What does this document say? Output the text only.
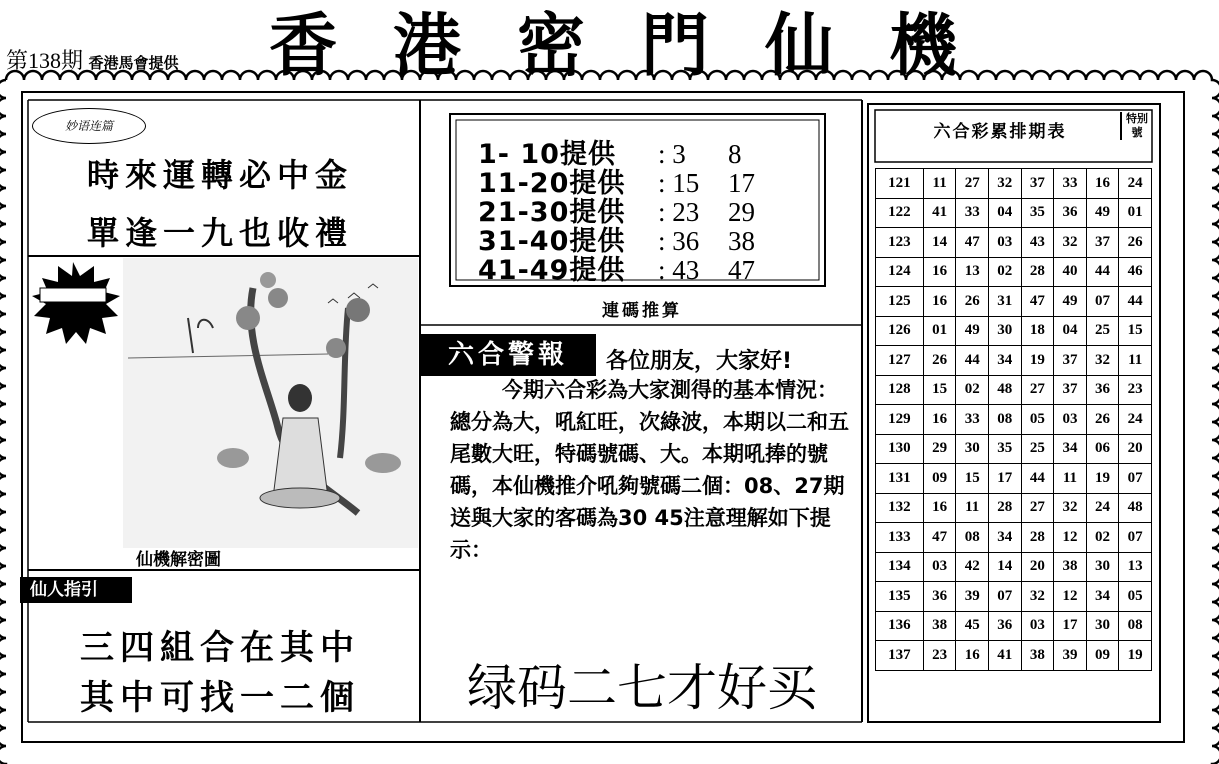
第138期 香港馬會提供	香 港 密 門 仙 機
妙语连篇
時來運轉必中金
單逢一九也收禮
仙機解密圖
仙人指引
三四組合在其中
其中可找一二個
1- 10提供 : 3 8
11-20提供 : 15 17
21-30提供 : 23 29
31-40提供 : 36 38
41-49提供 : 43 47
連碼推算
六合警報	各位朋友，大家好!
今期六合彩為大家測得的基本情況：總分為大，吼紅旺，次綠波，本期以二和五尾數大旺，特碼號碼、大。本期吼捧的號碼，本仙機推介吼夠號碼二個：08、27期送與大家的客碼為30 45注意理解如下提示：
绿码二七才好买
六合彩累排期表
特别號
121	11	27	32	37	33	16	24
122	41	33	04	35	36	49	01
123	14	47	03	43	32	37	26
124	16	13	02	28	40	44	46
125	16	26	31	47	49	07	44
126	01	49	30	18	04	25	15
127	26	44	34	19	37	32	11
128	15	02	48	27	37	36	23
129	16	33	08	05	03	26	24
130	29	30	35	25	34	06	20
131	09	15	17	44	11	19	07
132	16	11	28	27	32	24	48
133	47	08	34	28	12	02	07
134	03	42	14	20	38	30	13
135	36	39	07	32	12	34	05
136	38	45	36	03	17	30	08
137	23	16	41	38	39	09	19
